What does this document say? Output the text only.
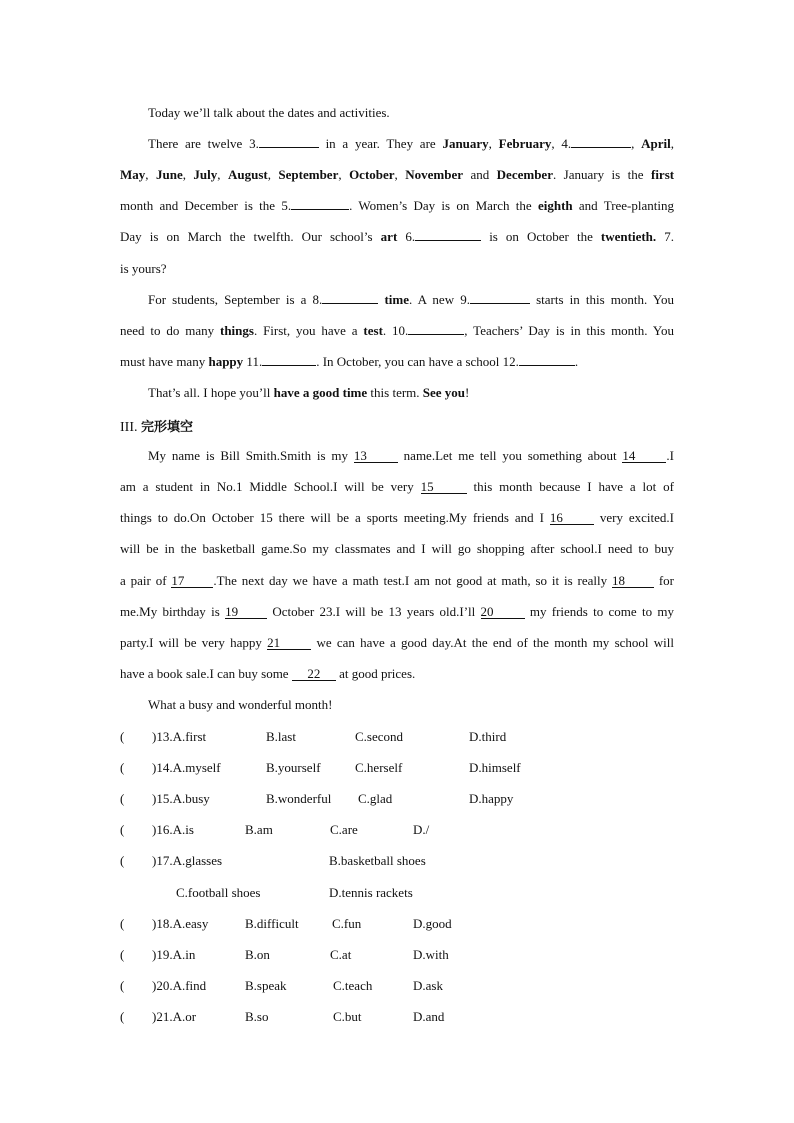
Today we’ll talk about the dates and activities.
There are twelve 3.	in a year. They are January, February, 4.	, April,
May, June, July, August, September, October, November and December. January is the first
month and December is the 5.	. Women’s Day is on March the eighth and Tree-planting
Day is on March the twelfth. Our school’s art 6.	is on October the twentieth. 7.
is yours?
For students, September is a 8.	time. A new 9.	starts in this month. You
need to do many things. First, you have a test. 10.	, Teachers’ Day is in this month. You
must have many happy 11.	. In October, you can have a school 12.	.
That’s all. I hope you’ll have a good time this term. See you!
III. 完形填空
My name is Bill Smith.Smith is my 13 name.Let me tell you something about 14 .I
am a student in No.1 Middle School.I will be very 15	this month because I have a lot of
things to do.On October 15 there will be a sports meeting.My friends and I 16 very excited.I
will be in the basketball game.So my classmates and I will go shopping after school.I need to buy
a pair of 17 .The next day we have a math test.I am not good at math, so it is really 18 for
me.My birthday is 19 October 23.I will be 13 years old.I’ll 20 my friends to come to my
party.I will be very happy 21 we can have a good day.At the end of the month my school will
have a book sale.I can buy some 22 at good prices.
What a busy and wonderful month!
( )13.A.first	B.last	C.second	D.third
( )14.A.myself	B.yourself	C.herself	D.himself
( )15.A.busy	B.wonderful C.glad	D.happy
( )16.A.is	B.am	C.are	D./
( )17.A.glasses	B.basketball shoes
C.football shoes	D.tennis rackets
( )18.A.easy	B.difficult	C.fun	D.good
( )19.A.in	B.on	C.at	D.with
( )20.A.find	B.speak	C.teach	D.ask
( )21.A.or	B.so	C.but	D.and
